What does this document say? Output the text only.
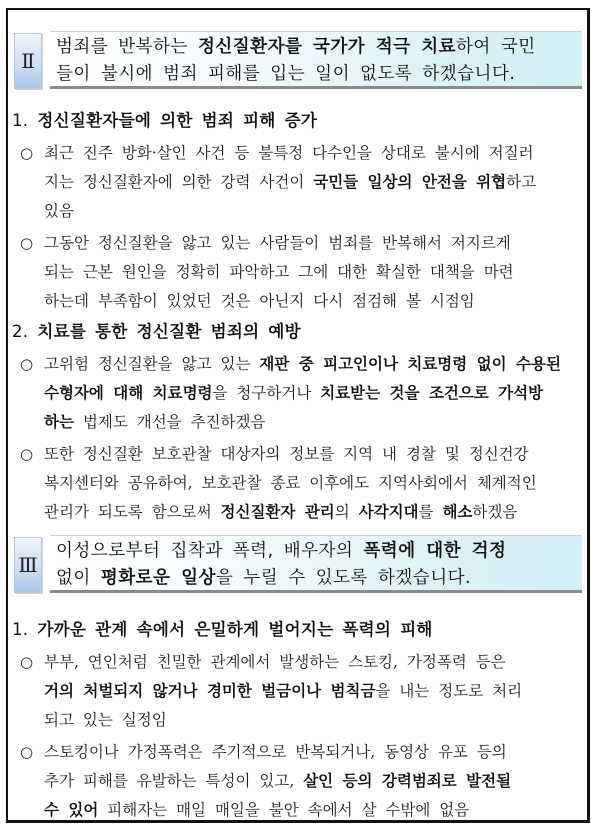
Ⅱ
범죄를 반복하는 정신질환자를 국가가 적극 치료하여 국민
들이 불시에 범죄 피해를 입는 일이 없도록 하겠습니다.
1. 정신질환자들에 의한 범죄 피해 증가
○ 최근 진주 방화·살인 사건 등 불특정 다수인을 상대로 불시에 저질러
지는 정신질환자에 의한 강력 사건이 국민들 일상의 안전을 위협하고
있음
○ 그동안 정신질환을 앓고 있는 사람들이 범죄를 반복해서 저지르게
되는 근본 원인을 정확히 파악하고 그에 대한 확실한 대책을 마련
하는데 부족함이 있었던 것은 아닌지 다시 점검해 볼 시점임
2. 치료를 통한 정신질환 범죄의 예방
○ 고위험 정신질환을 앓고 있는 재판 중 피고인이나 치료명령 없이 수용된
수형자에 대해 치료명령을 청구하거나 치료받는 것을 조건으로 가석방
하는 법제도 개선을 추진하겠음
○ 또한 정신질환 보호관찰 대상자의 정보를 지역 내 경찰 및 정신건강
복지센터와 공유하여, 보호관찰 종료 이후에도 지역사회에서 체계적인
관리가 되도록 함으로써 정신질환자 관리의 사각지대를 해소하겠음
Ⅲ
이성으로부터 집착과 폭력, 배우자의 폭력에 대한 걱정
없이 평화로운 일상을 누릴 수 있도록 하겠습니다.
1. 가까운 관계 속에서 은밀하게 벌어지는 폭력의 피해
○ 부부, 연인처럼 친밀한 관계에서 발생하는 스토킹, 가정폭력 등은
거의 처벌되지 않거나 경미한 벌금이나 범칙금을 내는 정도로 처리
되고 있는 실정임
○ 스토킹이나 가정폭력은 주기적으로 반복되거나, 동영상 유포 등의
추가 피해를 유발하는 특성이 있고, 살인 등의 강력범죄로 발전될
수 있어 피해자는 매일 매일을 불안 속에서 살 수밖에 없음
